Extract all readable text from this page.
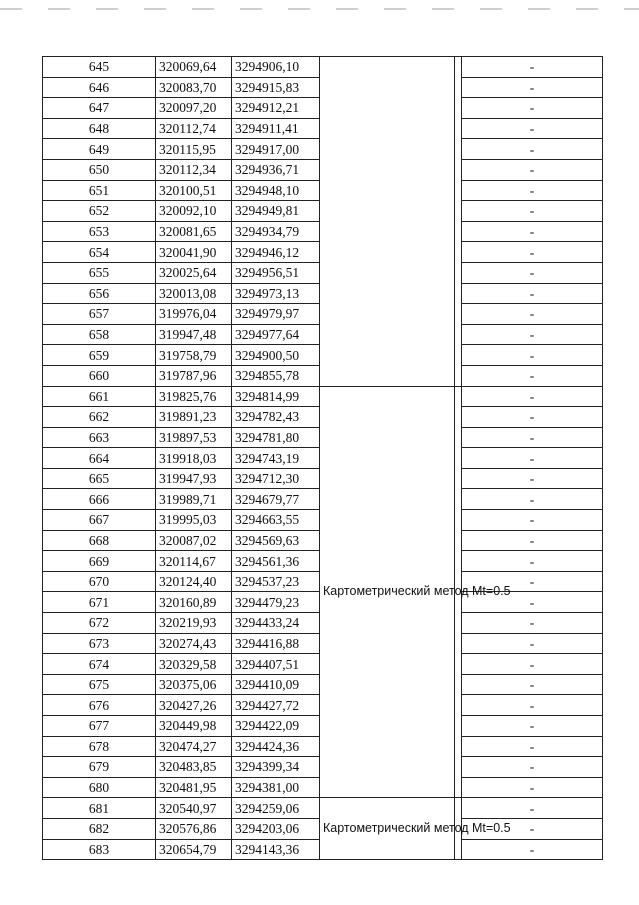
645	320069,64	3294906,10			-
646	320083,70	3294915,83			-
647	320097,20	3294912,21			-
648	320112,74	3294911,41			-
649	320115,95	3294917,00			-
650	320112,34	3294936,71			-
651	320100,51	3294948,10			-
652	320092,10	3294949,81			-
653	320081,65	3294934,79			-
654	320041,90	3294946,12			-
655	320025,64	3294956,51			-
656	320013,08	3294973,13			-
657	319976,04	3294979,97			-
658	319947,48	3294977,64			-
659	319758,79	3294900,50			-
660	319787,96	3294855,78			-
661	319825,76	3294814,99	Картометрический метод Mt=0.5		-
662	319891,23	3294782,43			-
663	319897,53	3294781,80			-
664	319918,03	3294743,19			-
665	319947,93	3294712,30			-
666	319989,71	3294679,77			-
667	319995,03	3294663,55			-
668	320087,02	3294569,63			-
669	320114,67	3294561,36			-
670	320124,40	3294537,23			-
671	320160,89	3294479,23			-
672	320219,93	3294433,24			-
673	320274,43	3294416,88			-
674	320329,58	3294407,51			-
675	320375,06	3294410,09			-
676	320427,26	3294427,72			-
677	320449,98	3294422,09			-
678	320474,27	3294424,36			-
679	320483,85	3294399,34			-
680	320481,95	3294381,00			-
681	320540,97	3294259,06	Картометрический метод Mt=0.5		-
682	320576,86	3294203,06			-
683	320654,79	3294143,36			-
